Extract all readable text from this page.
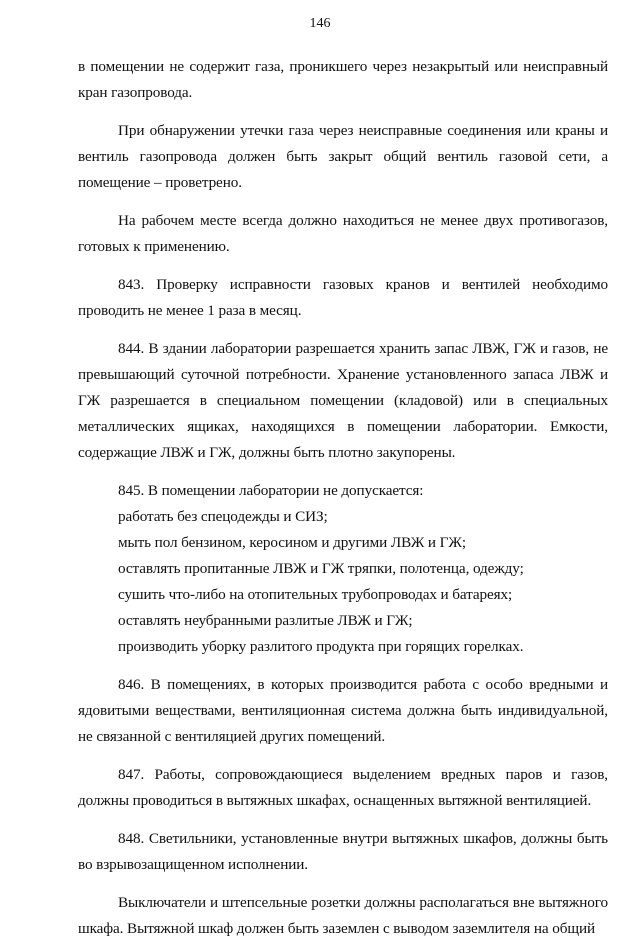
146

в помещении не содержит газа, проникшего через незакрытый или неисправный кран газопровода.

При обнаружении утечки газа через неисправные соединения или краны и вентиль газопровода должен быть закрыт общий вентиль газовой сети, а помещение – проветрено.

На рабочем месте всегда должно находиться не менее двух противогазов, готовых к применению.

843. Проверку исправности газовых кранов и вентилей необходимо проводить не менее 1 раза в месяц.

844. В здании лаборатории разрешается хранить запас ЛВЖ, ГЖ и газов, не превышающий суточной потребности. Хранение установленного запаса ЛВЖ и ГЖ разрешается в специальном помещении (кладовой) или в специальных металлических ящиках, находящихся в помещении лаборатории. Емкости, содержащие ЛВЖ и ГЖ, должны быть плотно закупорены.

845. В помещении лаборатории не допускается:

работать без спецодежды и СИЗ;

мыть пол бензином, керосином и другими ЛВЖ и ГЖ;

оставлять пропитанные ЛВЖ и ГЖ тряпки, полотенца, одежду;

сушить что-либо на отопительных трубопроводах и батареях;

оставлять неубранными разлитые ЛВЖ и ГЖ;

производить уборку разлитого продукта при горящих горелках.

846. В помещениях, в которых производится работа с особо вредными и ядовитыми веществами, вентиляционная система должна быть индивидуальной, не связанной с вентиляцией других помещений.

847. Работы, сопровождающиеся выделением вредных паров и газов, должны проводиться в вытяжных шкафах, оснащенных вытяжной вентиляцией.

848. Светильники, установленные внутри вытяжных шкафов, должны быть во взрывозащищенном исполнении.

Выключатели и штепсельные розетки должны располагаться вне вытяжного шкафа. Вытяжной шкаф должен быть заземлен с выводом заземлителя на общий
